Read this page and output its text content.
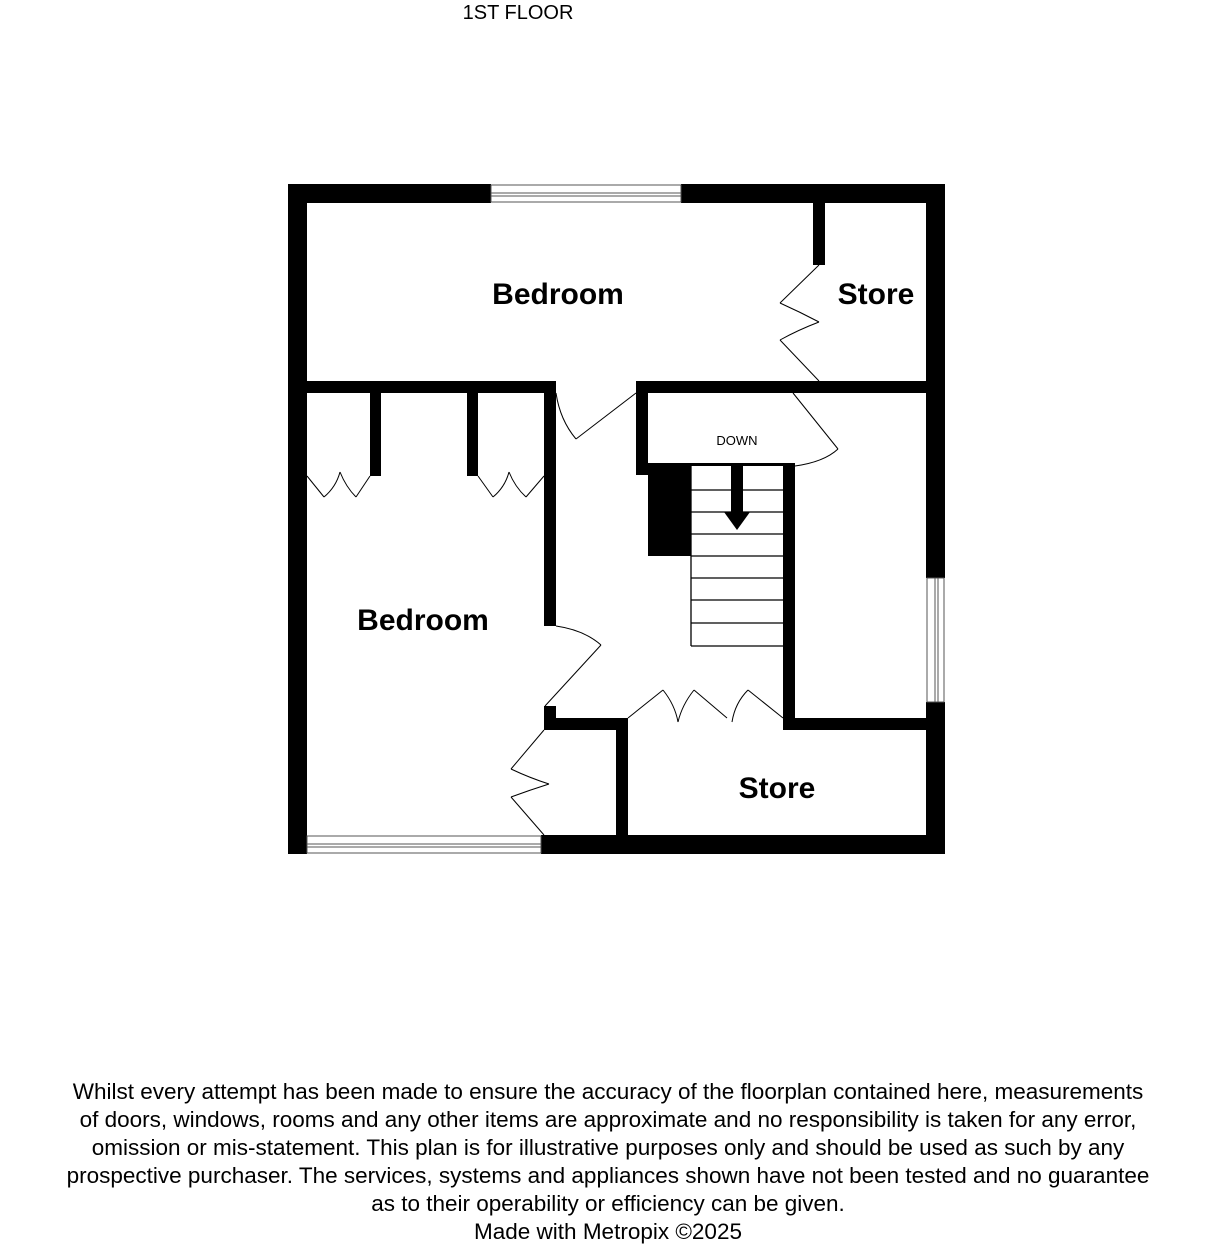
1ST FLOOR
DOWN
Bedroom	Store
Bedroom
Store

Whilst every attempt has been made to ensure the accuracy of the floorplan contained here, measurements

of doors, windows, rooms and any other items are approximate and no responsibility is taken for any error,

omission or mis-statement. This plan is for illustrative purposes only and should be used as such by any

prospective purchaser. The services, systems and appliances shown have not been tested and no guarantee

as to their operability or efficiency can be given.

Made with Metropix ©2025
